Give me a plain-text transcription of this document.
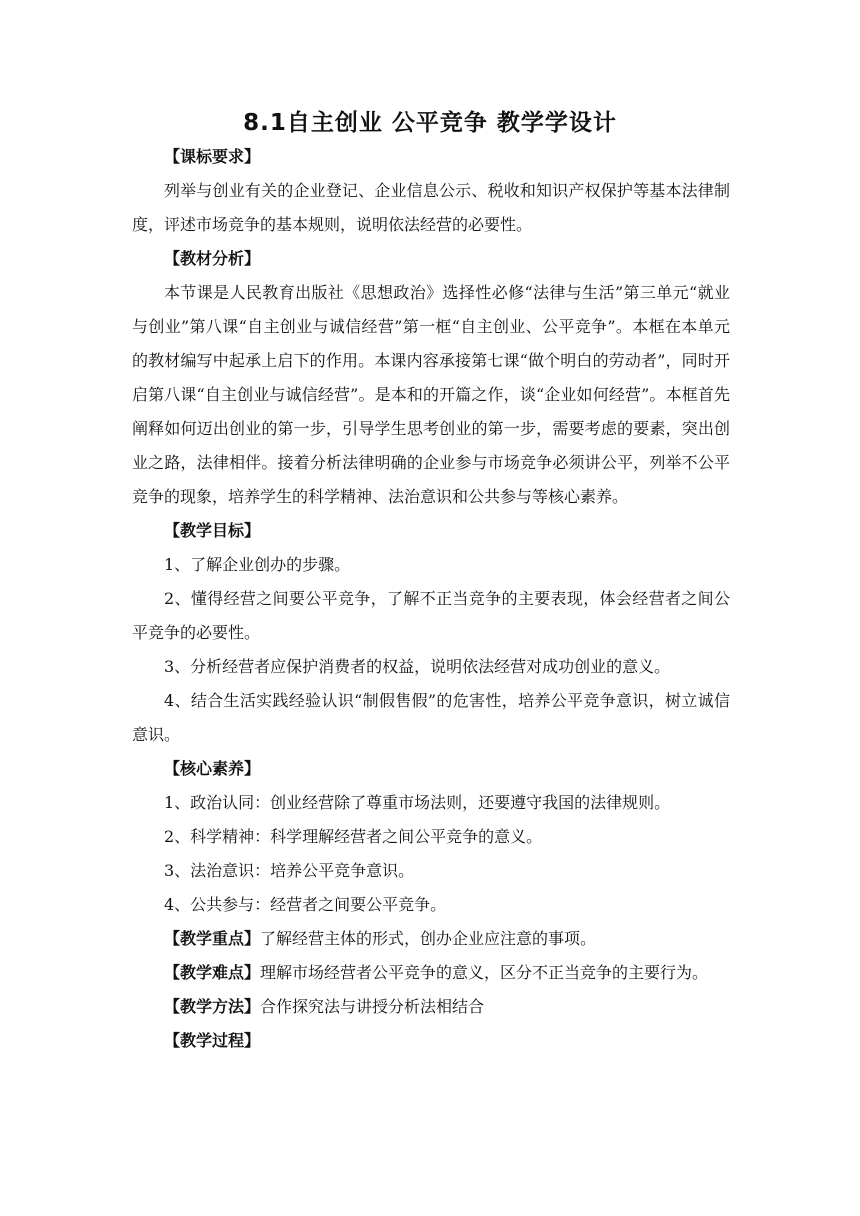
8.1自主创业 公平竞争 教学学设计

【课标要求】

列举与创业有关的企业登记、企业信息公示、税收和知识产权保护等基本法律制度，评述市场竞争的基本规则，说明依法经营的必要性。

【教材分析】

本节课是人民教育出版社《思想政治》选择性必修“法律与生活”第三单元“就业与创业”第八课“自主创业与诚信经营”第一框“自主创业、公平竞争”。本框在本单元的教材编写中起承上启下的作用。本课内容承接第七课“做个明白的劳动者”，同时开启第八课“自主创业与诚信经营”。是本和的开篇之作，谈“企业如何经营”。本框首先阐释如何迈出创业的第一步，引导学生思考创业的第一步，需要考虑的要素，突出创业之路，法律相伴。接着分析法律明确的企业参与市场竞争必须讲公平，列举不公平竞争的现象，培养学生的科学精神、法治意识和公共参与等核心素养。

【教学目标】

1、了解企业创办的步骤。

2、懂得经营之间要公平竞争，了解不正当竞争的主要表现，体会经营者之间公平竞争的必要性。

3、分析经营者应保护消费者的权益，说明依法经营对成功创业的意义。

4、结合生活实践经验认识“制假售假”的危害性，培养公平竞争意识，树立诚信意识。

【核心素养】

1、政治认同：创业经营除了尊重市场法则，还要遵守我国的法律规则。

2、科学精神：科学理解经营者之间公平竞争的意义。

3、法治意识：培养公平竞争意识。

4、公共参与：经营者之间要公平竞争。

【教学重点】了解经营主体的形式，创办企业应注意的事项。

【教学难点】理解市场经营者公平竞争的意义，区分不正当竞争的主要行为。

【教学方法】合作探究法与讲授分析法相结合

【教学过程】
